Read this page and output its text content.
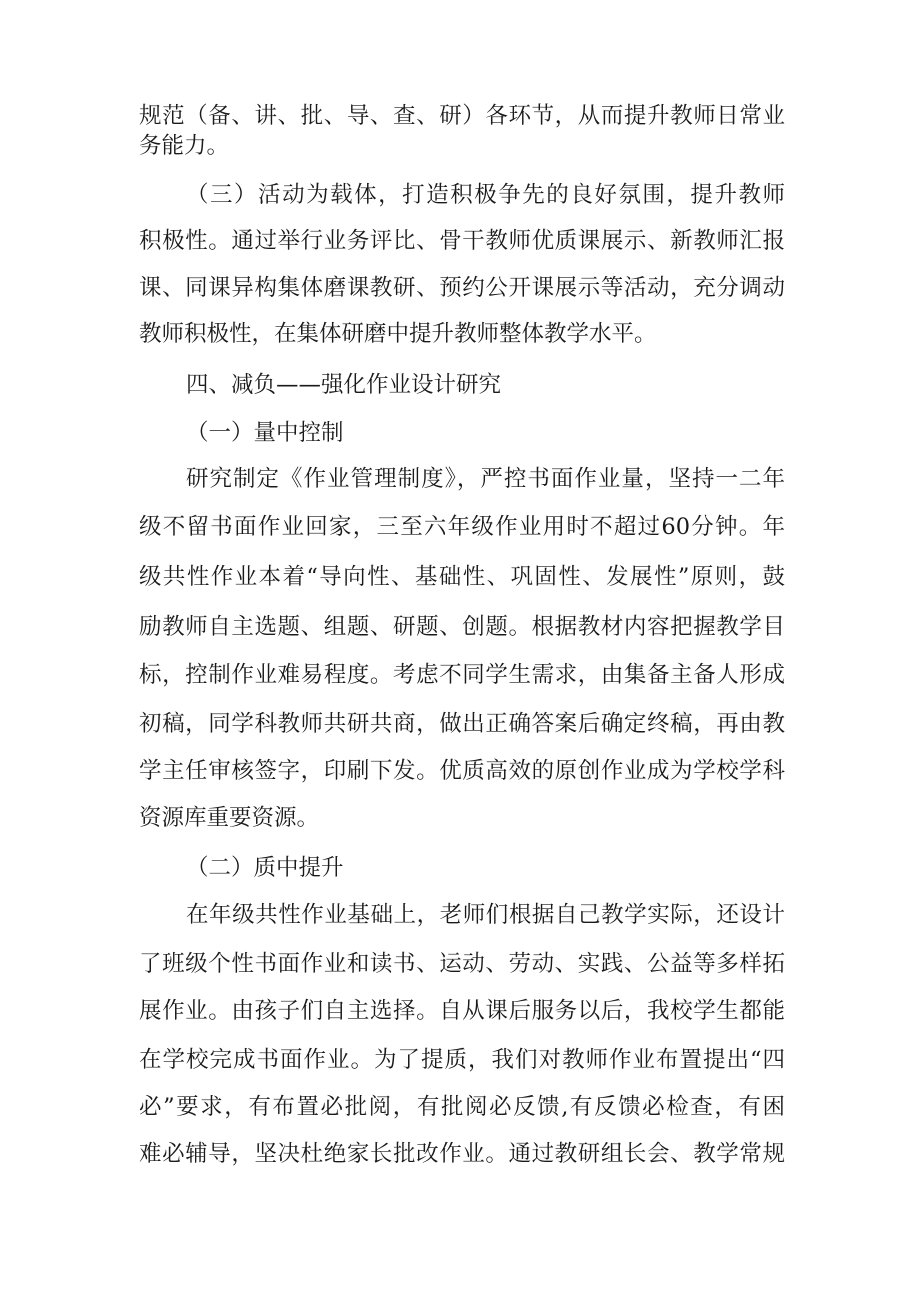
规范（备、讲、批、导、查、研）各环节，从而提升教师日常业
务能力。
（三）活动为载体，打造积极争先的良好氛围，提升教师
积极性。通过举行业务评比、骨干教师优质课展示、新教师汇报
课、同课异构集体磨课教研、预约公开课展示等活动，充分调动
教师积极性，在集体研磨中提升教师整体教学水平。
四、减负——强化作业设计研究
（一）量中控制
研究制定《作业管理制度》，严控书面作业量，坚持一二年
级不留书面作业回家，三至六年级作业用时不超过60分钟。年
级共性作业本着“导向性、基础性、巩固性、发展性”原则，鼓
励教师自主选题、组题、研题、创题。根据教材内容把握教学目
标，控制作业难易程度。考虑不同学生需求，由集备主备人形成
初稿，同学科教师共研共商，做出正确答案后确定终稿，再由教
学主任审核签字，印刷下发。优质高效的原创作业成为学校学科
资源库重要资源。
（二）质中提升
在年级共性作业基础上，老师们根据自己教学实际，还设计
了班级个性书面作业和读书、运动、劳动、实践、公益等多样拓
展作业。由孩子们自主选择。自从课后服务以后，我校学生都能
在学校完成书面作业。为了提质，我们对教师作业布置提出“四
必”要求，有布置必批阅，有批阅必反馈,有反馈必检查，有困
难必辅导，坚决杜绝家长批改作业。通过教研组长会、教学常规
